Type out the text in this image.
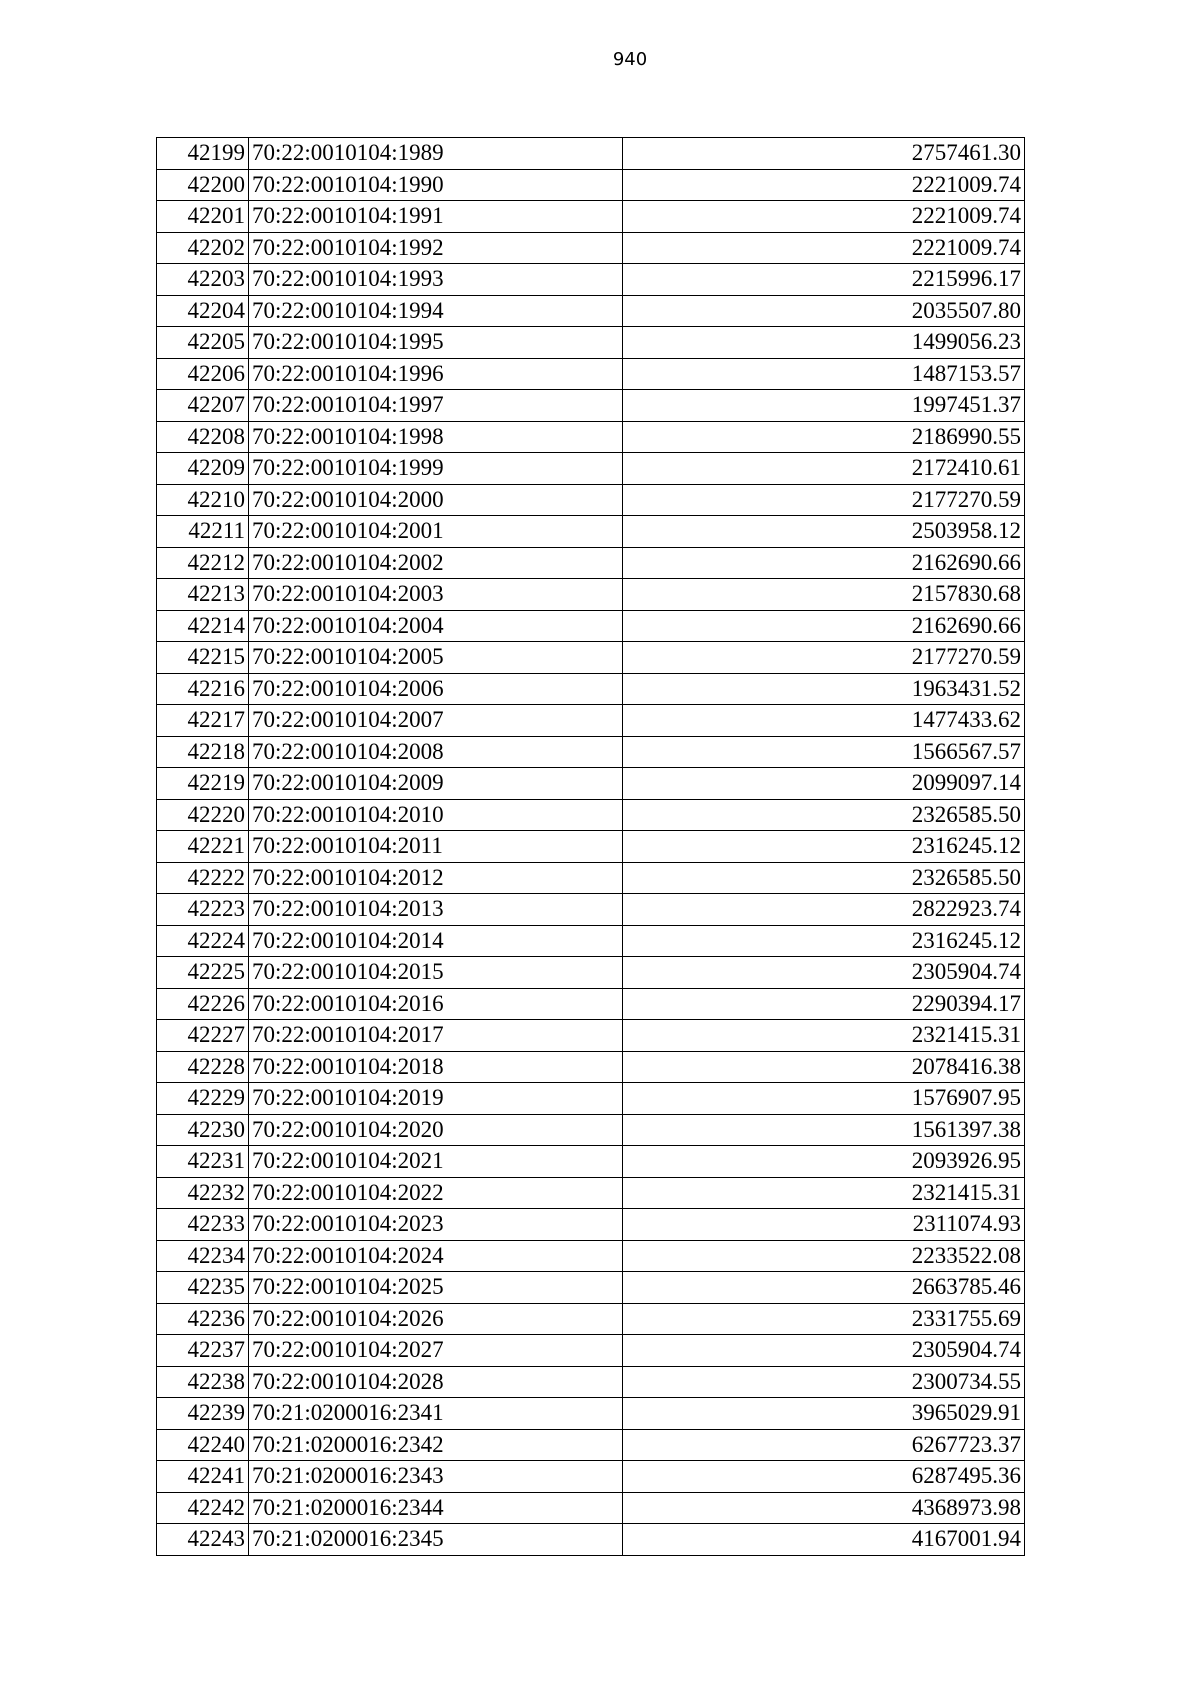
940
42199	70:22:0010104:1989	2757461.30
42200	70:22:0010104:1990	2221009.74
42201	70:22:0010104:1991	2221009.74
42202	70:22:0010104:1992	2221009.74
42203	70:22:0010104:1993	2215996.17
42204	70:22:0010104:1994	2035507.80
42205	70:22:0010104:1995	1499056.23
42206	70:22:0010104:1996	1487153.57
42207	70:22:0010104:1997	1997451.37
42208	70:22:0010104:1998	2186990.55
42209	70:22:0010104:1999	2172410.61
42210	70:22:0010104:2000	2177270.59
42211	70:22:0010104:2001	2503958.12
42212	70:22:0010104:2002	2162690.66
42213	70:22:0010104:2003	2157830.68
42214	70:22:0010104:2004	2162690.66
42215	70:22:0010104:2005	2177270.59
42216	70:22:0010104:2006	1963431.52
42217	70:22:0010104:2007	1477433.62
42218	70:22:0010104:2008	1566567.57
42219	70:22:0010104:2009	2099097.14
42220	70:22:0010104:2010	2326585.50
42221	70:22:0010104:2011	2316245.12
42222	70:22:0010104:2012	2326585.50
42223	70:22:0010104:2013	2822923.74
42224	70:22:0010104:2014	2316245.12
42225	70:22:0010104:2015	2305904.74
42226	70:22:0010104:2016	2290394.17
42227	70:22:0010104:2017	2321415.31
42228	70:22:0010104:2018	2078416.38
42229	70:22:0010104:2019	1576907.95
42230	70:22:0010104:2020	1561397.38
42231	70:22:0010104:2021	2093926.95
42232	70:22:0010104:2022	2321415.31
42233	70:22:0010104:2023	2311074.93
42234	70:22:0010104:2024	2233522.08
42235	70:22:0010104:2025	2663785.46
42236	70:22:0010104:2026	2331755.69
42237	70:22:0010104:2027	2305904.74
42238	70:22:0010104:2028	2300734.55
42239	70:21:0200016:2341	3965029.91
42240	70:21:0200016:2342	6267723.37
42241	70:21:0200016:2343	6287495.36
42242	70:21:0200016:2344	4368973.98
42243	70:21:0200016:2345	4167001.94
